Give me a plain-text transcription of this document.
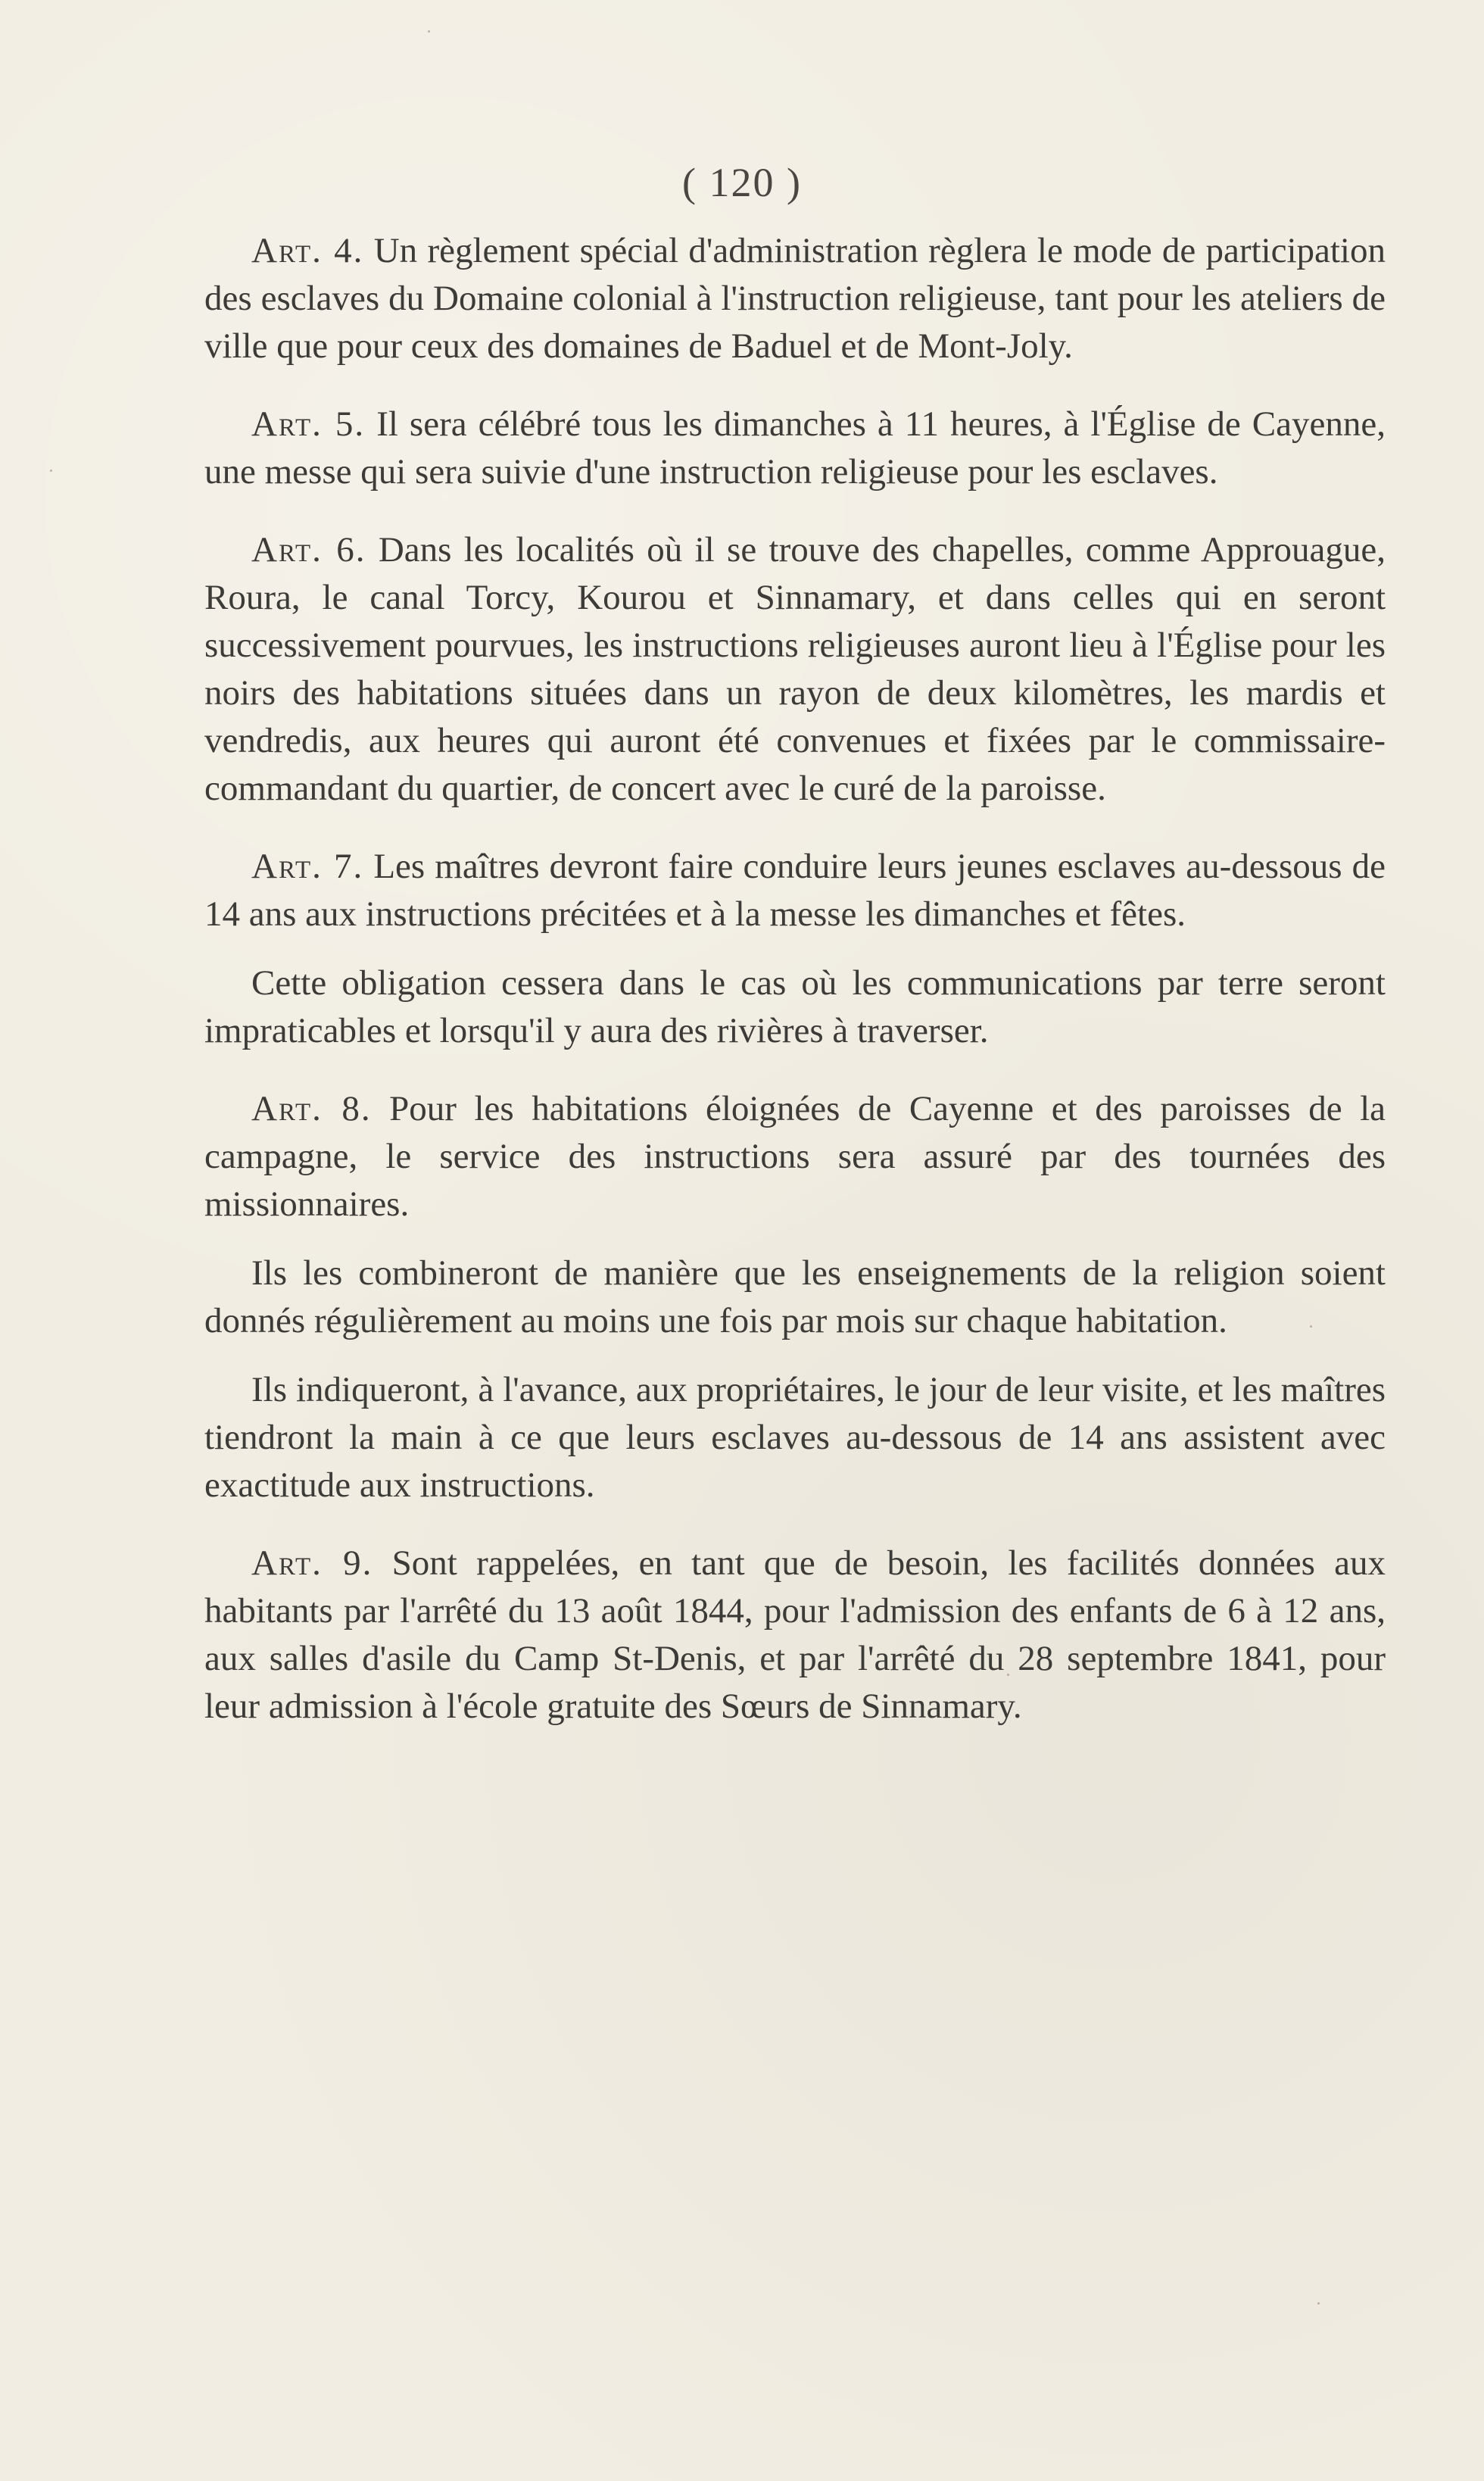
( 120 )

Art. 4. Un règlement spécial d'administration règlera le mode de participation des esclaves du Domaine colonial à l'instruction religieuse, tant pour les ateliers de ville que pour ceux des domaines de Baduel et de Mont-Joly.

Art. 5. Il sera célébré tous les dimanches à 11 heures, à l'Église de Cayenne, une messe qui sera suivie d'une instruction religieuse pour les esclaves.

Art. 6. Dans les localités où il se trouve des chapelles, comme Approuague, Roura, le canal Torcy, Kourou et Sinnamary, et dans celles qui en seront successivement pourvues, les instructions religieuses auront lieu à l'Église pour les noirs des habitations situées dans un rayon de deux kilomètres, les mardis et vendredis, aux heures qui auront été convenues et fixées par le commissaire-commandant du quartier, de concert avec le curé de la paroisse.

Art. 7. Les maîtres devront faire conduire leurs jeunes esclaves au-dessous de 14 ans aux instructions précitées et à la messe les dimanches et fêtes.

Cette obligation cessera dans le cas où les communications par terre seront impraticables et lorsqu'il y aura des rivières à traverser.

Art. 8. Pour les habitations éloignées de Cayenne et des paroisses de la campagne, le service des instructions sera assuré par des tournées des missionnaires.

Ils les combineront de manière que les enseignements de la religion soient donnés régulièrement au moins une fois par mois sur chaque habitation.

Ils indiqueront, à l'avance, aux propriétaires, le jour de leur visite, et les maîtres tiendront la main à ce que leurs esclaves au-dessous de 14 ans assistent avec exactitude aux instructions.

Art. 9. Sont rappelées, en tant que de besoin, les facilités données aux habitants par l'arrêté du 13 août 1844, pour l'admission des enfants de 6 à 12 ans, aux salles d'asile du Camp St-Denis, et par l'arrêté du 28 septembre 1841, pour leur admission à l'école gratuite des Sœurs de Sinnamary.
